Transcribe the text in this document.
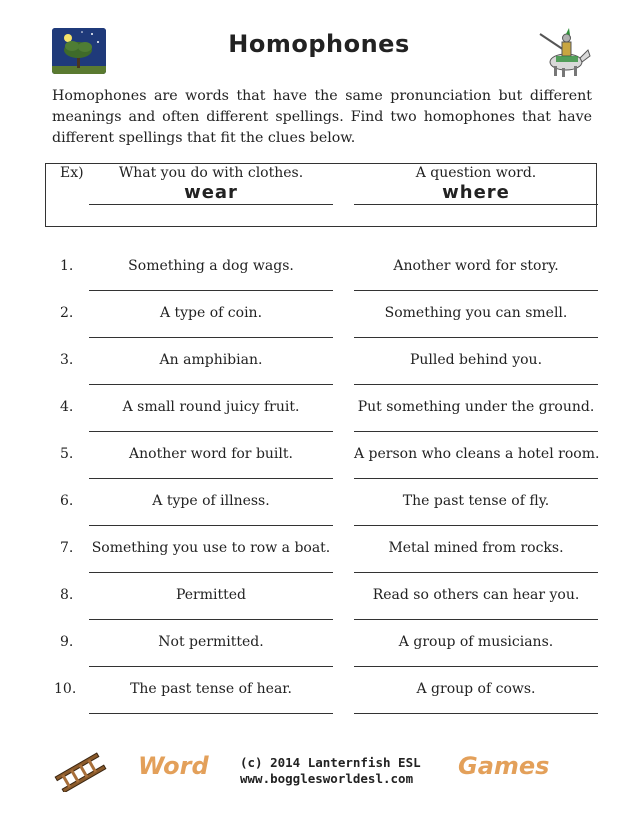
Homophones
Homophones are words that have the same pronunciation but different meanings and often different spellings. Find two homophones that have different spellings that fit the clues below.
Ex)	What you do with clothes.	A question word.
wear	where
1.	Something a dog wags.	Another word for story.
2.	A type of coin.	Something you can smell.
3.	An amphibian.	Pulled behind you.
4.	A small round juicy fruit.	Put something under the ground.
5.	Another word for built.	A person who cleans a hotel room.
6.	A type of illness.	The past tense of fly.
7. Something you use to row a boat.	Metal mined from rocks.
8.	Permitted	Read so others can hear you.
9.	Not permitted.	A group of musicians.
10.	The past tense of hear.	A group of cows.
Word	(c) 2014 Lanternfish ESL
www.bogglesworldesl.com	Games
